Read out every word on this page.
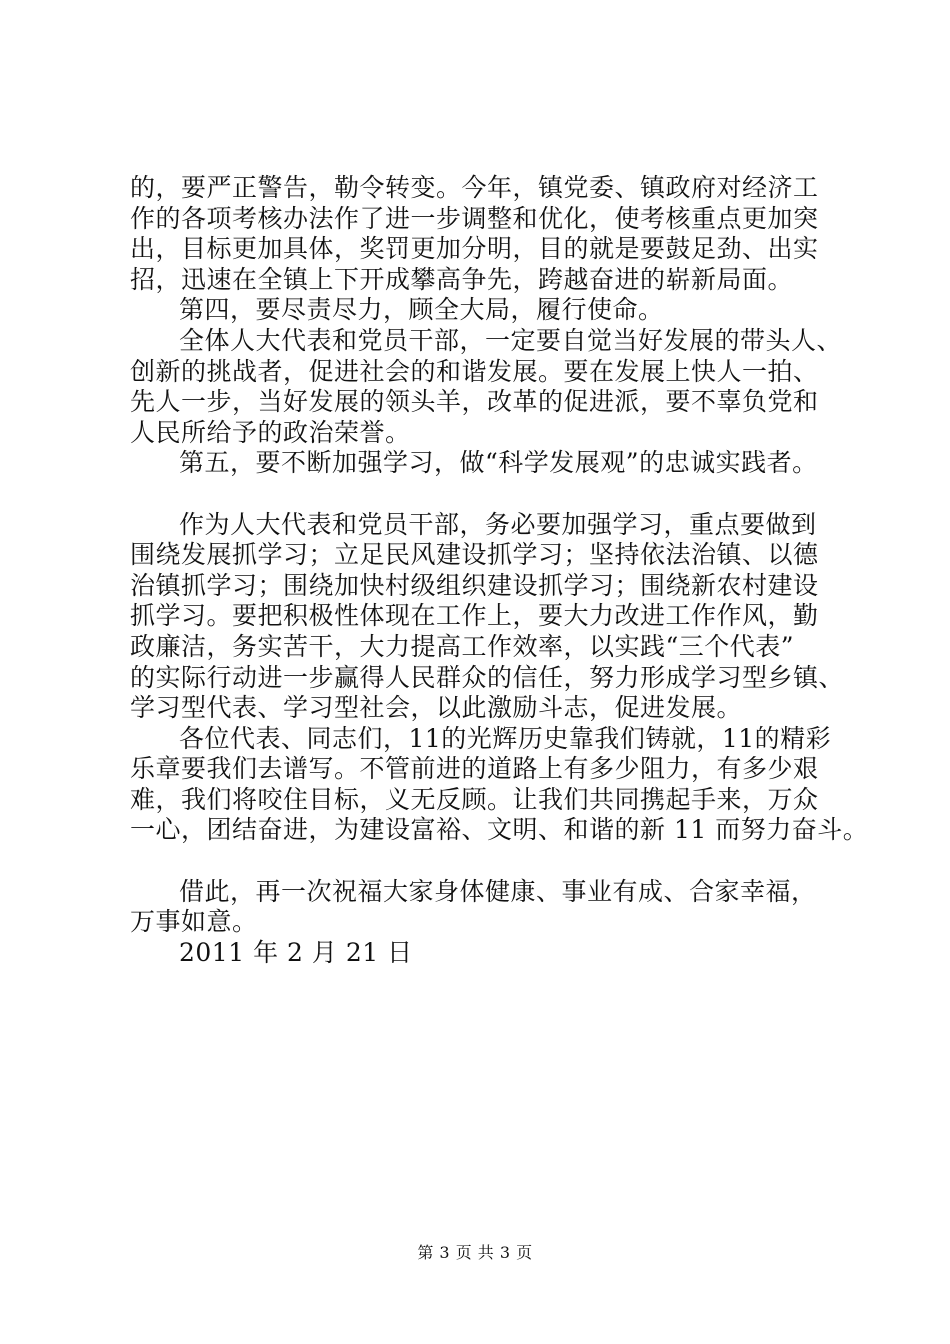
的，要严正警告，勒令转变。今年，镇党委、镇政府对经济工
作的各项考核办法作了进一步调整和优化，使考核重点更加突
出，目标更加具体，奖罚更加分明，目的就是要鼓足劲、出实
招，迅速在全镇上下开成攀高争先，跨越奋进的崭新局面。
第四，要尽责尽力，顾全大局，履行使命。
全体人大代表和党员干部，一定要自觉当好发展的带头人、
创新的挑战者，促进社会的和谐发展。要在发展上快人一拍、
先人一步，当好发展的领头羊，改革的促进派，要不辜负党和
人民所给予的政治荣誉。
第五，要不断加强学习，做“科学发展观”的忠诚实践者。
作为人大代表和党员干部，务必要加强学习，重点要做到
围绕发展抓学习；立足民风建设抓学习；坚持依法治镇、以德
治镇抓学习；围绕加快村级组织建设抓学习；围绕新农村建设
抓学习。要把积极性体现在工作上，要大力改进工作作风，勤
政廉洁，务实苦干，大力提高工作效率，以实践“三个代表”
的实际行动进一步赢得人民群众的信任，努力形成学习型乡镇、
学习型代表、学习型社会，以此激励斗志，促进发展。
各位代表、同志们，11的光辉历史靠我们铸就，11的精彩
乐章要我们去谱写。不管前进的道路上有多少阻力，有多少艰
难，我们将咬住目标，义无反顾。让我们共同携起手来，万众
一心，团结奋进，为建设富裕、文明、和谐的新 11 而努力奋斗。
借此，再一次祝福大家身体健康、事业有成、合家幸福，
万事如意。
2011 年 2 月 21 日
第 3 页 共 3 页
